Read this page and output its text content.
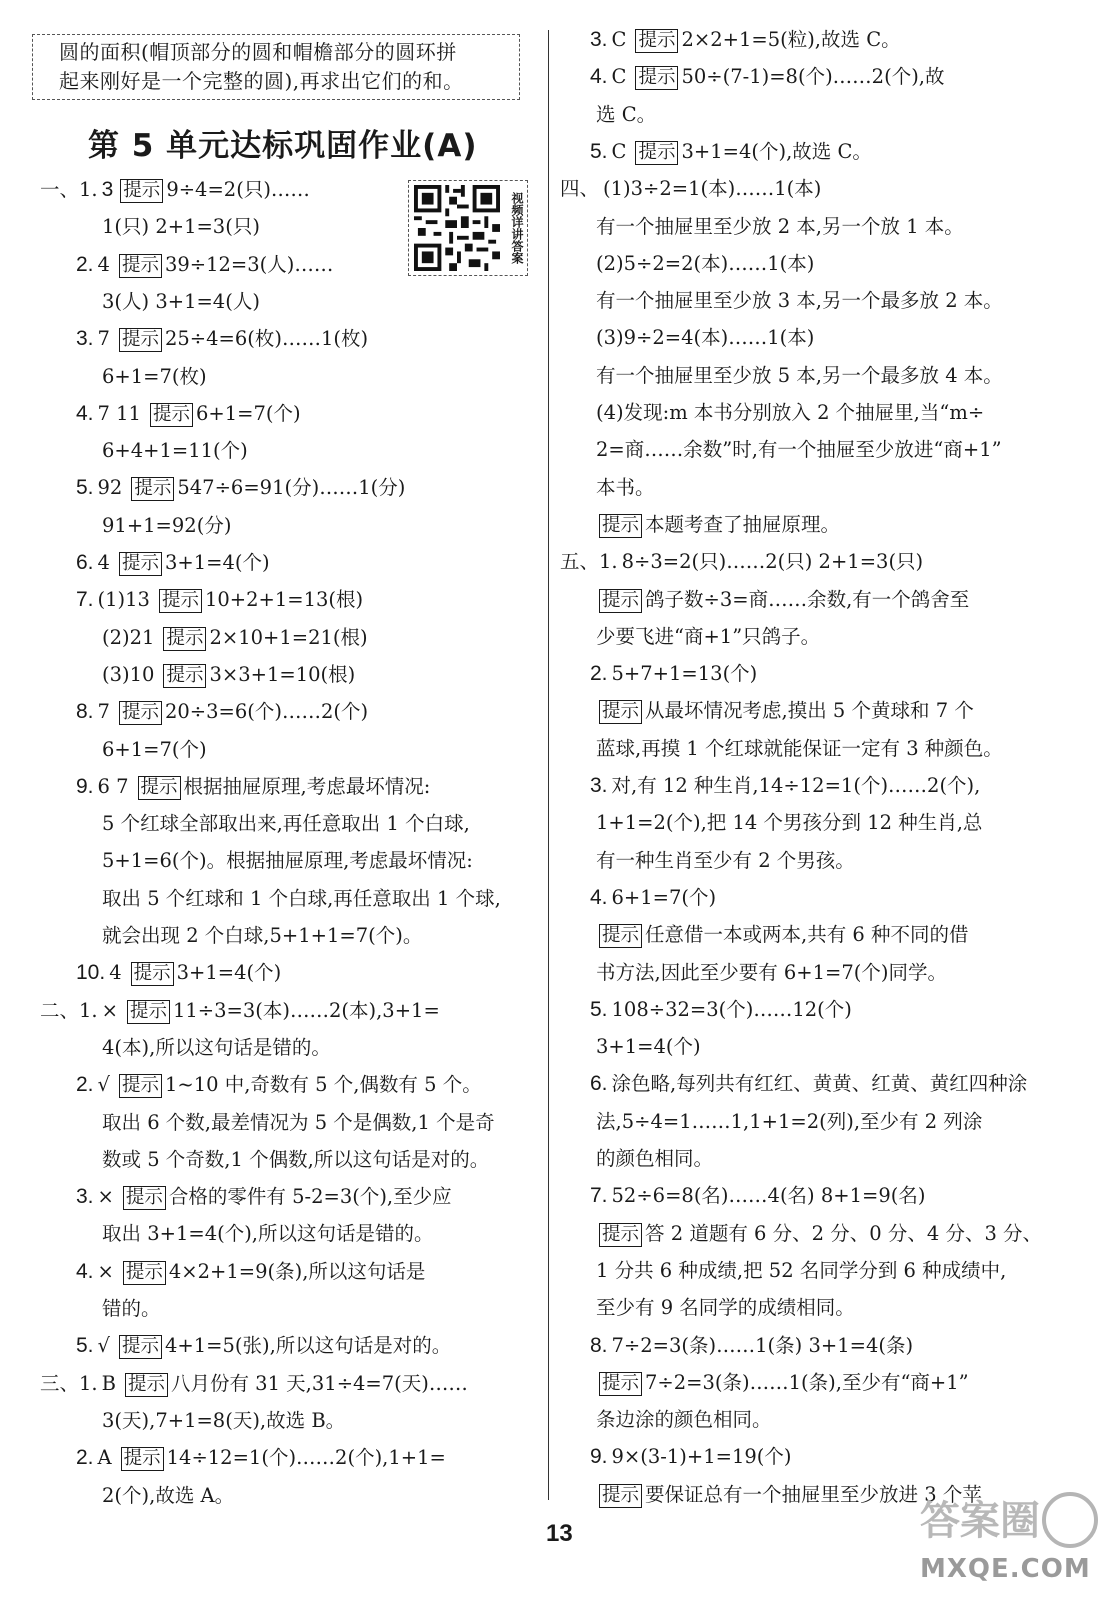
圆的面积(帽顶部分的圆和帽檐部分的圆环拼
起来刚好是一个完整的圆),再求出它们的和。
第 5 单元达标巩固作业(A)
视频详讲答案
一、1. 3 提示 9÷4=2(只)……
1(只) 2+1=3(只)
2. 4 提示 39÷12=3(人)……
3(人) 3+1=4(人)
3. 7 提示 25÷4=6(枚)……1(枚)
6+1=7(枚)
4. 7 11 提示 6+1=7(个)
6+4+1=11(个)
5. 92 提示 547÷6=91(分)……1(分)
91+1=92(分)
6. 4 提示 3+1=4(个)
7. (1)13 提示 10+2+1=13(根)
(2)21 提示 2×10+1=21(根)
(3)10 提示 3×3+1=10(根)
8. 7 提示 20÷3=6(个)……2(个)
6+1=7(个)
9. 6 7 提示 根据抽屉原理,考虑最坏情况:
5 个红球全部取出来,再任意取出 1 个白球,
5+1=6(个)。根据抽屉原理,考虑最坏情况:
取出 5 个红球和 1 个白球,再任意取出 1 个球,
就会出现 2 个白球,5+1+1=7(个)。
10. 4 提示 3+1=4(个)
二、1. × 提示 11÷3=3(本)……2(本),3+1=
4(本),所以这句话是错的。
2. √ 提示 1~10 中,奇数有 5 个,偶数有 5 个。
取出 6 个数,最差情况为 5 个是偶数,1 个是奇
数或 5 个奇数,1 个偶数,所以这句话是对的。
3. × 提示 合格的零件有 5-2=3(个),至少应
取出 3+1=4(个),所以这句话是错的。
4. × 提示 4×2+1=9(条),所以这句话是
错的。
5. √ 提示 4+1=5(张),所以这句话是对的。
三、1. B 提示 八月份有 31 天,31÷4=7(天)……
3(天),7+1=8(天),故选 B。
2. A 提示 14÷12=1(个)……2(个),1+1=
2(个),故选 A。
3. C 提示 2×2+1=5(粒),故选 C。
4. C 提示 50÷(7-1)=8(个)……2(个),故
选 C。
5. C 提示 3+1=4(个),故选 C。
四、 (1)3÷2=1(本)……1(本)
有一个抽屉里至少放 2 本,另一个放 1 本。
(2)5÷2=2(本)……1(本)
有一个抽屉里至少放 3 本,另一个最多放 2 本。
(3)9÷2=4(本)……1(本)
有一个抽屉里至少放 5 本,另一个最多放 4 本。
(4)发现:m 本书分别放入 2 个抽屉里,当“m÷
2=商……余数”时,有一个抽屉至少放进“商+1”
本书。
提示 本题考查了抽屉原理。
五、1. 8÷3=2(只)……2(只) 2+1=3(只)
提示 鸽子数÷3=商……余数,有一个鸽舍至
少要飞进“商+1”只鸽子。
2. 5+7+1=13(个)
提示 从最坏情况考虑,摸出 5 个黄球和 7 个
蓝球,再摸 1 个红球就能保证一定有 3 种颜色。
3. 对,有 12 种生肖,14÷12=1(个)……2(个),
1+1=2(个),把 14 个男孩分到 12 种生肖,总
有一种生肖至少有 2 个男孩。
4. 6+1=7(个)
提示 任意借一本或两本,共有 6 种不同的借
书方法,因此至少要有 6+1=7(个)同学。
5. 108÷32=3(个)……12(个)
3+1=4(个)
6. 涂色略,每列共有红红、黄黄、红黄、黄红四种涂
法,5÷4=1……1,1+1=2(列),至少有 2 列涂
的颜色相同。
7. 52÷6=8(名)……4(名) 8+1=9(名)
提示 答 2 道题有 6 分、2 分、0 分、4 分、3 分、
1 分共 6 种成绩,把 52 名同学分到 6 种成绩中,
至少有 9 名同学的成绩相同。
8. 7÷2=3(条)……1(条) 3+1=4(条)
提示 7÷2=3(条)……1(条),至少有“商+1”
条边涂的颜色相同。
9. 9×(3-1)+1=19(个)
提示 要保证总有一个抽屉里至少放进 3 个苹
13	答案圈
MXQE.COM
